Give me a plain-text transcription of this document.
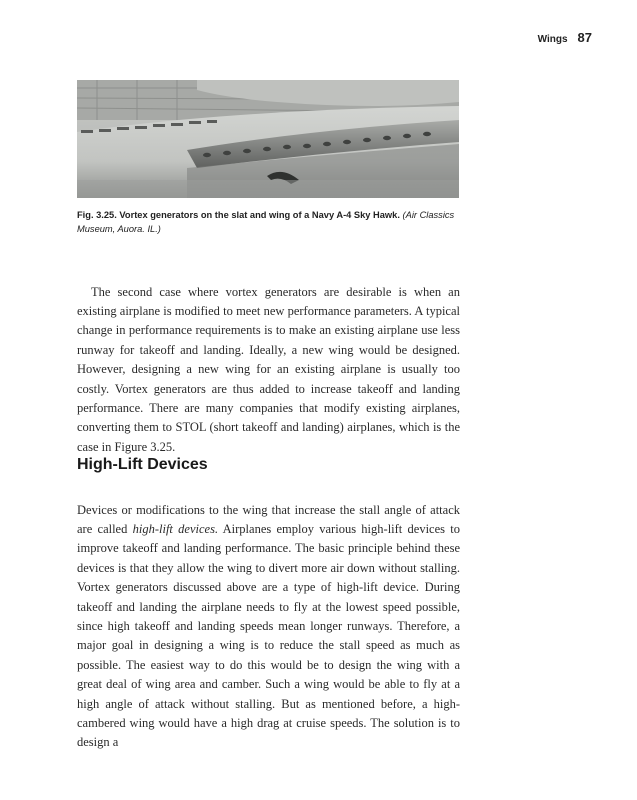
Wings 87
Fig. 3.25. Vortex generators on the slat and wing of a Navy A-4 Sky Hawk. (Air Classics Museum, Auora. IL.)

The second case where vortex generators are desirable is when an existing airplane is modified to meet new performance parameters. A typical change in performance requirements is to make an existing airplane use less runway for takeoff and landing. Ideally, a new wing would be designed. However, designing a new wing for an existing airplane is usually too costly. Vortex generators are thus added to increase takeoff and landing performance. There are many companies that modify existing airplanes, converting them to STOL (short takeoff and landing) airplanes, which is the case in Figure 3.25.

High-Lift Devices

Devices or modifications to the wing that increase the stall angle of attack are called high-lift devices. Airplanes employ various high-lift devices to improve takeoff and landing performance. The basic principle behind these devices is that they allow the wing to divert more air down without stalling. Vortex generators discussed above are a type of high-lift device. During takeoff and landing the airplane needs to fly at the lowest speed possible, since high takeoff and landing speeds mean longer runways. Therefore, a major goal in designing a wing is to reduce the stall speed as much as possible. The easiest way to do this would be to design the wing with a great deal of wing area and camber. Such a wing would be able to fly at a high angle of attack without stalling. But as mentioned before, a high-cambered wing would have a high drag at cruise speeds. The solution is to design a
